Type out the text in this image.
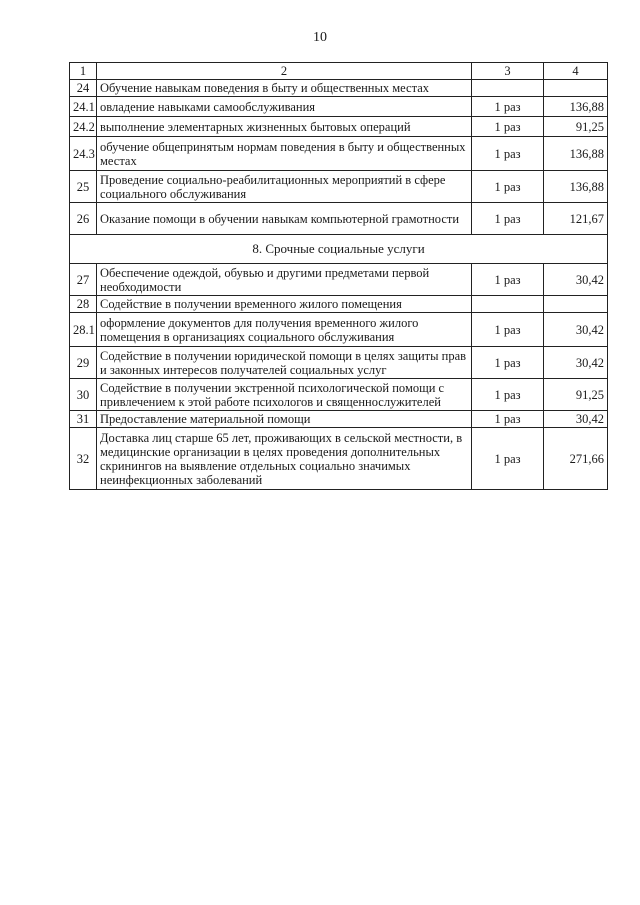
10
1	2	3	4
24	Обучение навыкам поведения в быту и общественных местах		
24.1	овладение навыками самообслуживания	1 раз	136,88
24.2	выполнение элементарных жизненных бытовых операций	1 раз	91,25
24.3	обучение общепринятым нормам поведения в быту и общественных местах	1 раз	136,88
25	Проведение социально-реабилитационных мероприятий в сфере социального обслуживания	1 раз	136,88
26	Оказание помощи в обучении навыкам компьютерной грамотности	1 раз	121,67
8. Срочные социальные услуги			
27	Обеспечение одеждой, обувью и другими предметами первой необходимости	1 раз	30,42
28	Содействие в получении временного жилого помещения		
28.1	оформление документов для получения временного жилого помещения в организациях социального обслуживания	1 раз	30,42
29	Содействие в получении юридической помощи в целях защиты прав и законных интересов получателей социальных услуг	1 раз	30,42
30	Содействие в получении экстренной психологической помощи с привлечением к этой работе психологов и священнослужителей	1 раз	91,25
31	Предоставление материальной помощи	1 раз	30,42
32	Доставка лиц старше 65 лет, проживающих в сельской местности, в медицинские организации в целях проведения дополнительных скринингов на выявление отдельных социально значимых неинфекционных заболеваний	1 раз	271,66
